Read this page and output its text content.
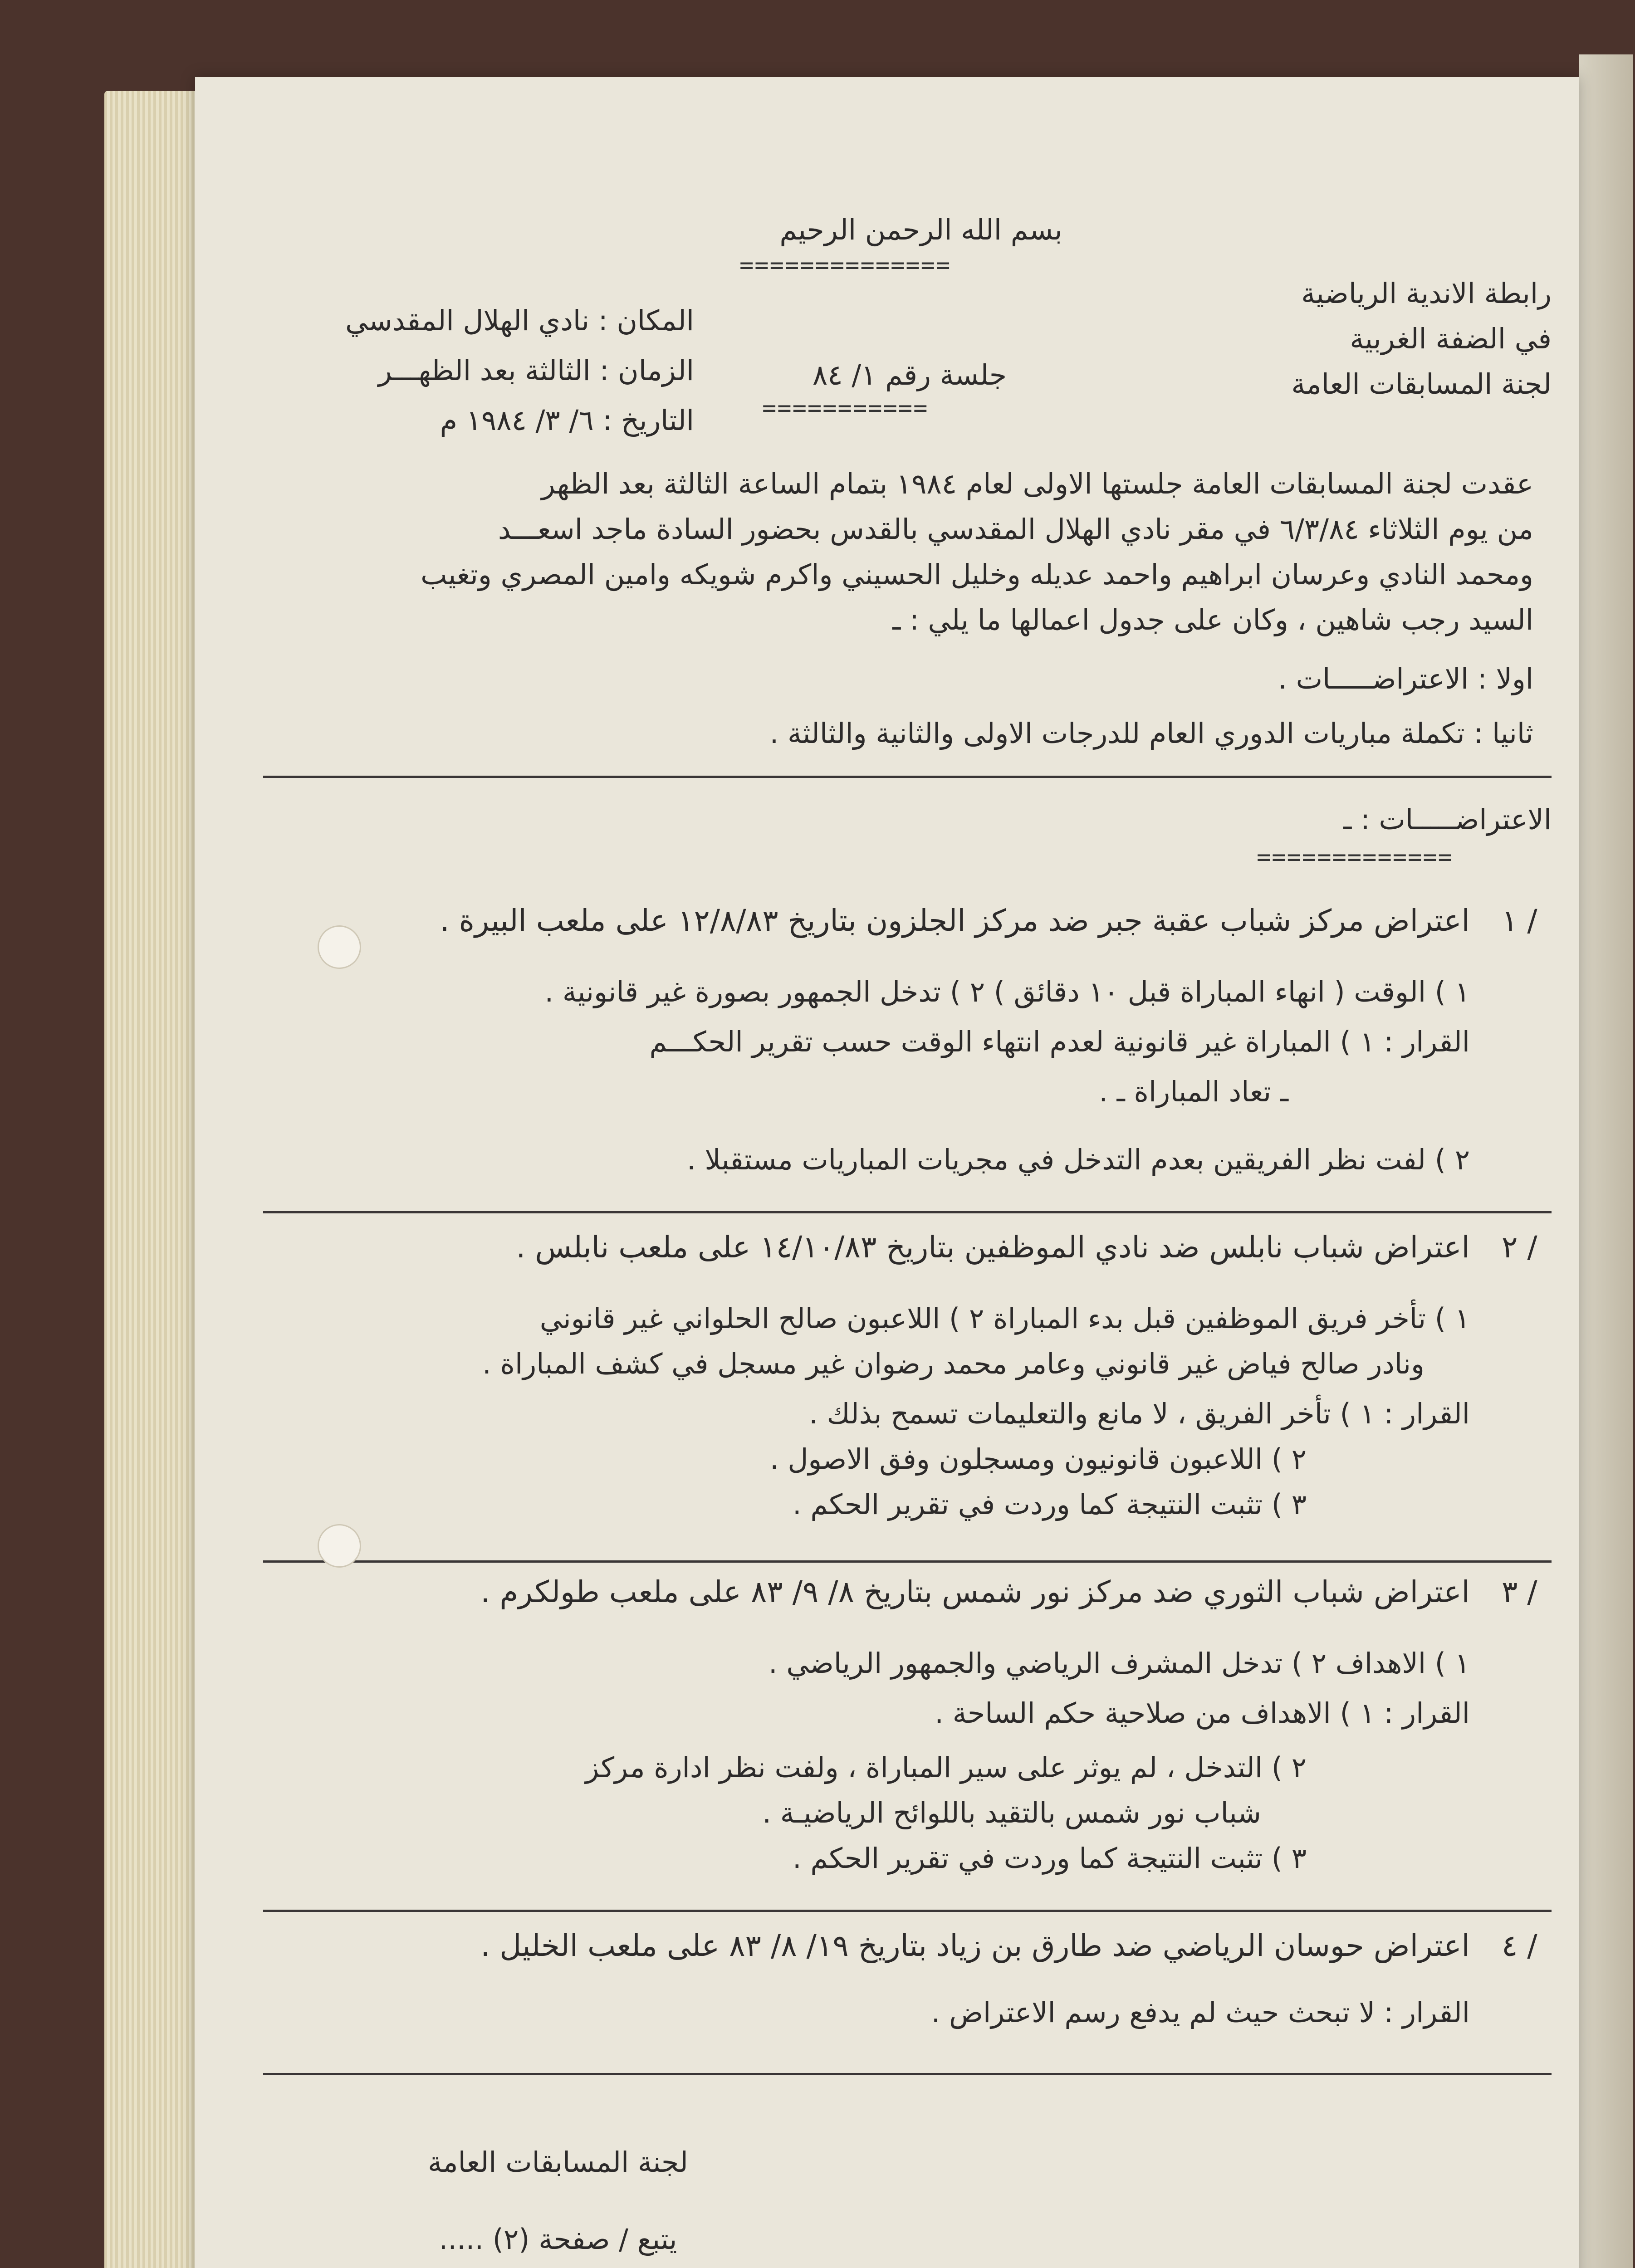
بسم الله الرحمن الرحيم
==============
رابطة الاندية الرياضية
في الضفة الغربية
لجنة المسابقات العامة
المكان : نادي الهلال المقدسي
الزمان : الثالثة بعد الظهـــر
التاريخ : ٦/ ٣/ ١٩٨٤ م
جلسة رقم ١/ ٨٤
===========
عقدت لجنة المسابقات العامة جلستها الاولى لعام ١٩٨٤ بتمام الساعة الثالثة بعد الظهر
من يوم الثلاثاء ٦/٣/٨٤ في مقر نادي الهلال المقدسي بالقدس بحضور السادة ماجد اسعـــد
ومحمد النادي وعرسان ابراهيم واحمد عديله وخليل الحسيني واكرم شويكه وامين المصري وتغيب
السيد رجب شاهين ، وكان على جدول اعمالها ما يلي : ـ
اولا : الاعتراضـــــات .
ثانيا : تكملة مباريات الدوري العام للدرجات الاولى والثانية والثالثة .
الاعتراضـــــات : ـ
=============
١ /
اعتراض مركز شباب عقبة جبر ضد مركز الجلزون بتاريخ ١٢/٨/٨٣ على ملعب البيرة .
١ ) الوقت ( انهاء المباراة قبل ١٠ دقائق ) ٢ ) تدخل الجمهور بصورة غير قانونية .
القرار : ١ ) المباراة غير قانونية لعدم انتهاء الوقت حسب تقرير الحكـــم
ـ تعاد المباراة ـ .
٢ ) لفت نظر الفريقين بعدم التدخل في مجريات المباريات مستقبلا .
٢ /
اعتراض شباب نابلس ضد نادي الموظفين بتاريخ ١٤/١٠/٨٣ على ملعب نابلس .
١ ) تأخر فريق الموظفين قبل بدء المباراة ٢ ) اللاعبون صالح الحلواني غير قانوني
ونادر صالح فياض غير قانوني وعامر محمد رضوان غير مسجل في كشف المباراة .
القرار : ١ ) تأخر الفريق ، لا مانع والتعليمات تسمح بذلك .
٢ ) اللاعبون قانونيون ومسجلون وفق الاصول .
٣ ) تثبت النتيجة كما وردت في تقرير الحكم .
٣ /
اعتراض شباب الثوري ضد مركز نور شمس بتاريخ ٨/ ٩/ ٨٣ على ملعب طولكرم .
١ ) الاهداف ٢ ) تدخل المشرف الرياضي والجمهور الرياضي .
القرار : ١ ) الاهداف من صلاحية حكم الساحة .
٢ ) التدخل ، لم يوثر على سير المباراة ، ولفت نظر ادارة مركز
شباب نور شمس بالتقيد باللوائح الرياضيـة .
٣ ) تثبت النتيجة كما وردت في تقرير الحكم .
٤ /
اعتراض حوسان الرياضي ضد طارق بن زياد بتاريخ ١٩/ ٨/ ٨٣ على ملعب الخليل .
القرار : لا تبحث حيث لم يدفع رسم الاعتراض .
لجنة المسابقات العامة
يتبع / صفحة (٢) .....
